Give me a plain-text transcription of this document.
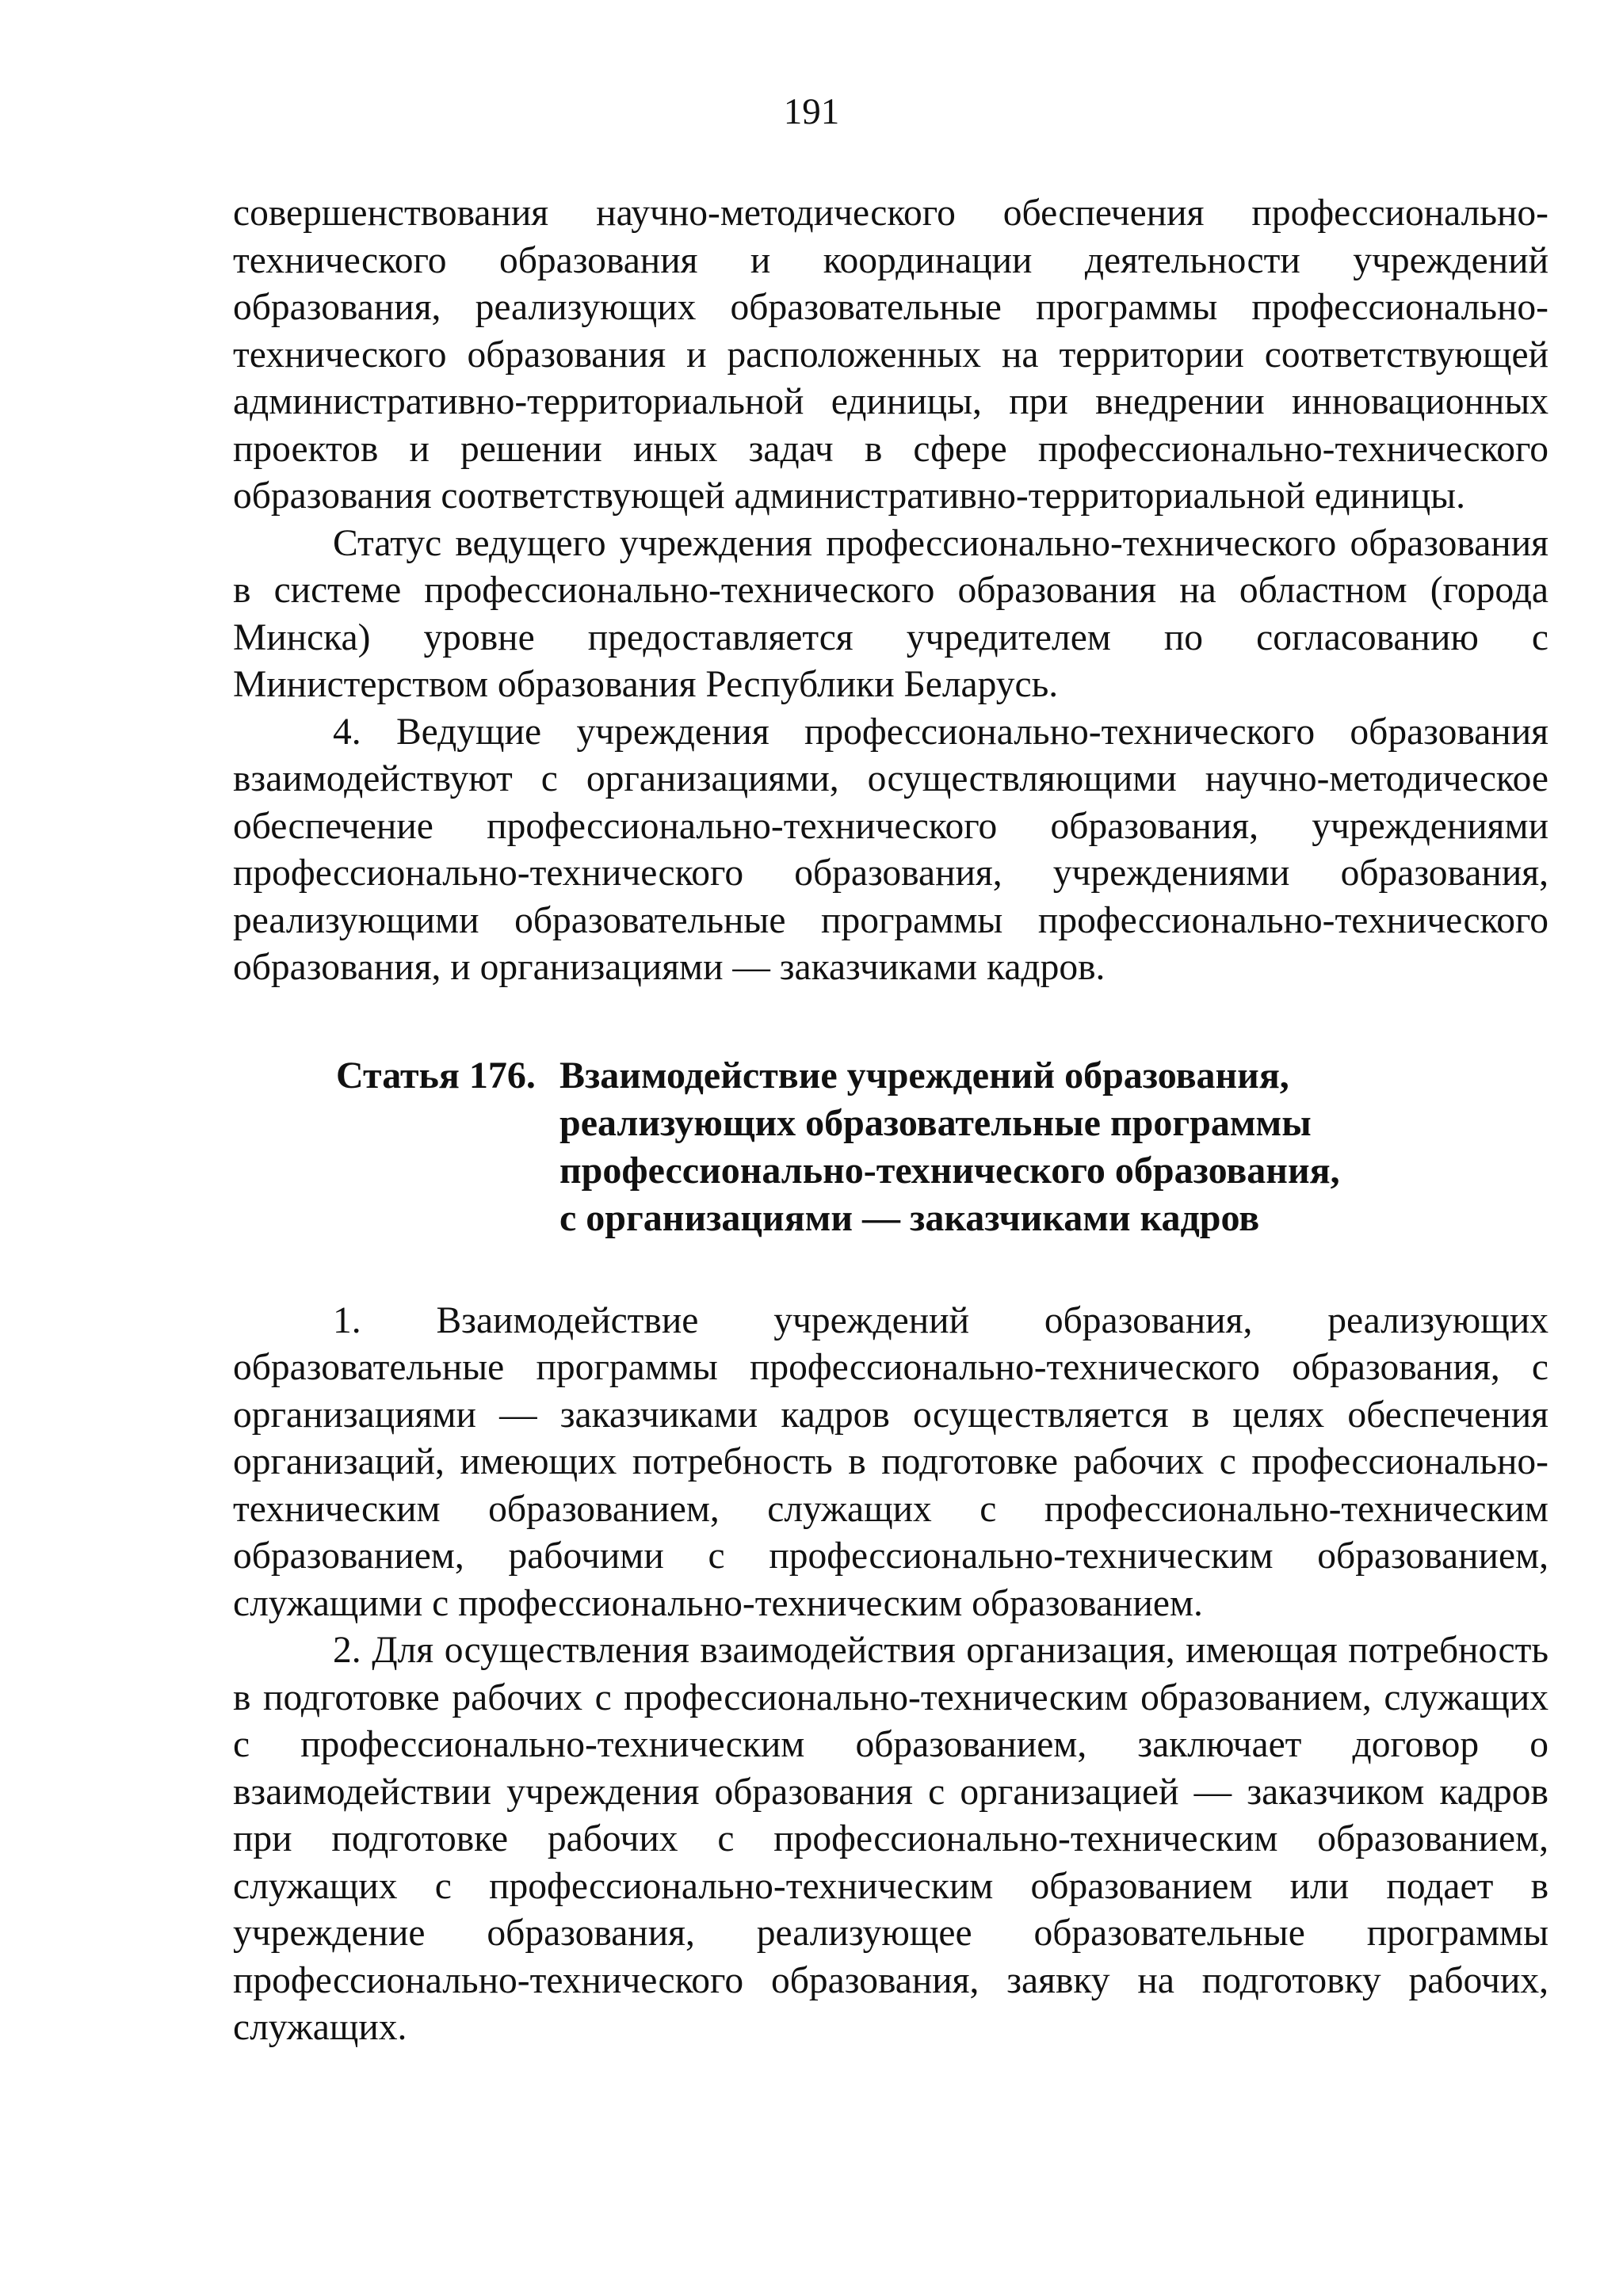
191

совершенствования научно-методического обеспечения профессионально-технического образования и координации деятельности учреждений образования, реализующих образовательные программы профессионально-технического образования и расположенных на территории соответствующей административно-территориальной единицы, при внедрении инновационных проектов и решении иных задач в сфере профессионально-технического образования соответствующей административно-территориальной единицы.

Статус ведущего учреждения профессионально-технического образования в системе профессионально-технического образования на областном (города Минска) уровне предоставляется учредителем по согласованию с Министерством образования Республики Беларусь.

4. Ведущие учреждения профессионально-технического образования взаимодействуют с организациями, осуществляющими научно-методическое обеспечение профессионально-технического образования, учреждениями профессионально-технического образования, учреждениями образования, реализующими образовательные программы профессионально-технического образования, и организациями — заказчиками кадров.

Статья 176. Взаимодействие учреждений образования,
реализующих образовательные программы
профессионально-технического образования,
с организациями — заказчиками кадров

1. Взаимодействие учреждений образования, реализующих образовательные программы профессионально-технического образования, с организациями — заказчиками кадров осуществляется в целях обеспечения организаций, имеющих потребность в подготовке рабочих с профессионально-техническим образованием, служащих с профессионально-техническим образованием, рабочими с профессионально-техническим образованием, служащими с профессионально-техническим образованием.

2. Для осуществления взаимодействия организация, имеющая потребность в подготовке рабочих с профессионально-техническим образованием, служащих с профессионально-техническим образованием, заключает договор о взаимодействии учреждения образования с организацией — заказчиком кадров при подготовке рабочих с профессионально-техническим образованием, служащих с профессионально-техническим образованием или подает в учреждение образования, реализующее образовательные программы профессионально-технического образования, заявку на подготовку рабочих, служащих.
